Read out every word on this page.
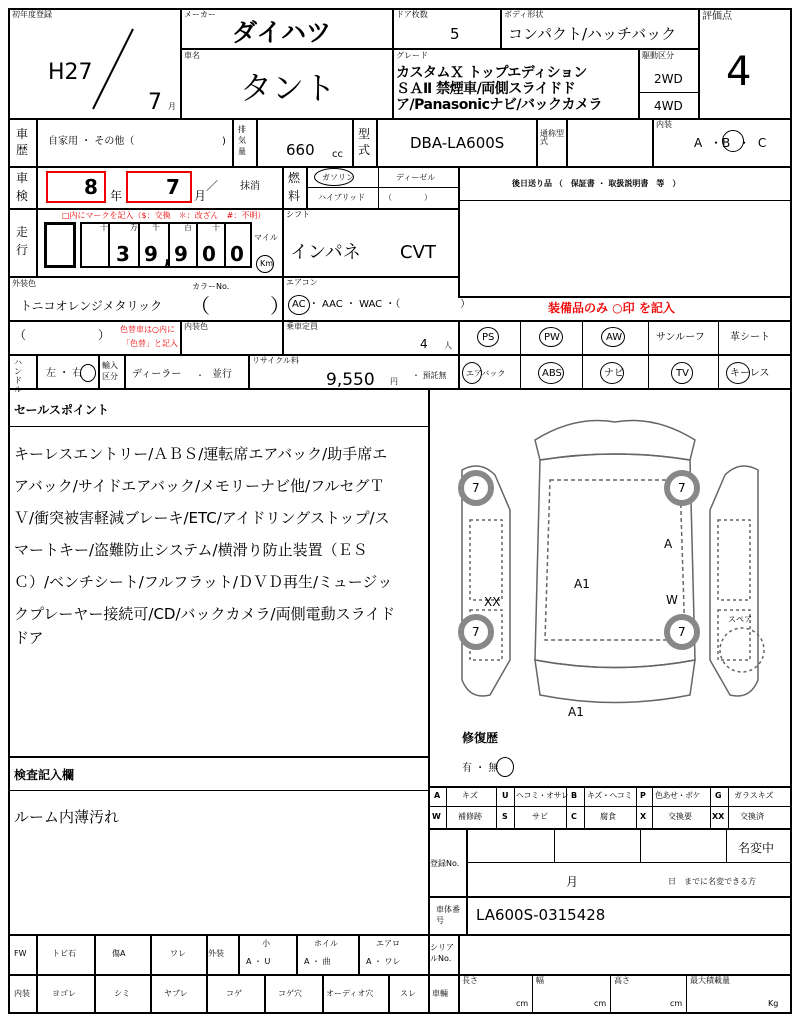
初年度登録
H27
7 月
メーカー
ダイハツ
ドア枚数
5
ボディ形状
コンパクト/ハッチバック
評価点
4
車名
タント
グレード
カスタムＸ トップエディション
ＳＡⅡ 禁煙車/両側スライドド
ア/Panasonicナビ/バックカメラ
駆動区分
2WD
4WD
車
歴
自家用 ・ その他（	)
排気量	660 cc
型
式	DBA-LA600S
通称型式
内装
A ・B ・ C
車
検	8 年 7 月
／ 抹消
燃
料
ガソリン	ディーゼル
ハイブリッド （　　　　）
後日送り品 （　保証書 ・ 取扱説明書　等　）
走
行
□内にマークを記入（$：交換　＊：改ざん　#：不明）
十	万 千	百	十
3 9 , 9 0 0
マイル
Km
シフト
インパネ CVT
外装色	カラーNo.
トニコオレンジメタリック （	）
エアコン
AC ・ AAC ・ WAC ・（　　　　　　）	装備品のみ ○印 を記入
（　　　　　　） 色替車は○内に
「色替」と記入
内装色	乗車定員
4 人
PS	PW	AW	サンルーフ	革シート
エアバック	ABS	ナビ	TV	キーレス
ハンドル
左 ・ 右
輸入区分	ディーラー ・ 並行
リサイクル料
9,550 円
・ 預託無
セールスポイント
キーレスエントリー/ＡＢＳ/運転席エアバック/助手席エ
アバック/サイドエアバック/メモリーナビ他/フルセグＴ
Ｖ/衝突被害軽減ブレーキ/ETC/アイドリングストップ/ス
マートキー/盗難防止システム/横滑り防止装置（ＥＳ
Ｃ）/ベンチシート/フルフラット/ＤＶＤ再生/ミュージッ
クプレーヤー接続可/CD/バックカメラ/両側電動スライド
ドア
7	7
7	7
A1
A1
XX
A
W
スペア
修復歴
有 ・ 無
検査記入欄
ルーム内薄汚れ
A	キズ	U ヘコミ・オサレ B キズ・ヘコミ P 色あせ・ボケ G ガラスキズ
W 補修跡	S	サビ	C	腐食	X	交換要	XX 交換済
登録No.
名変中
月	日　までに名変できる方
車体番号	LA600S-0315428
FW	トビ石	傷A	ワレ	外装
小
A ・ U
ホイル
A ・ 曲
エアロ
A ・ ワレ
シリアルNo.
内装	ヨゴレ	シミ	ヤブレ	コゲ	コゲ穴	オーディオ穴	スレ 車輛
長さ
cm
幅
cm
高さ
cm
最大積載量
Kg
